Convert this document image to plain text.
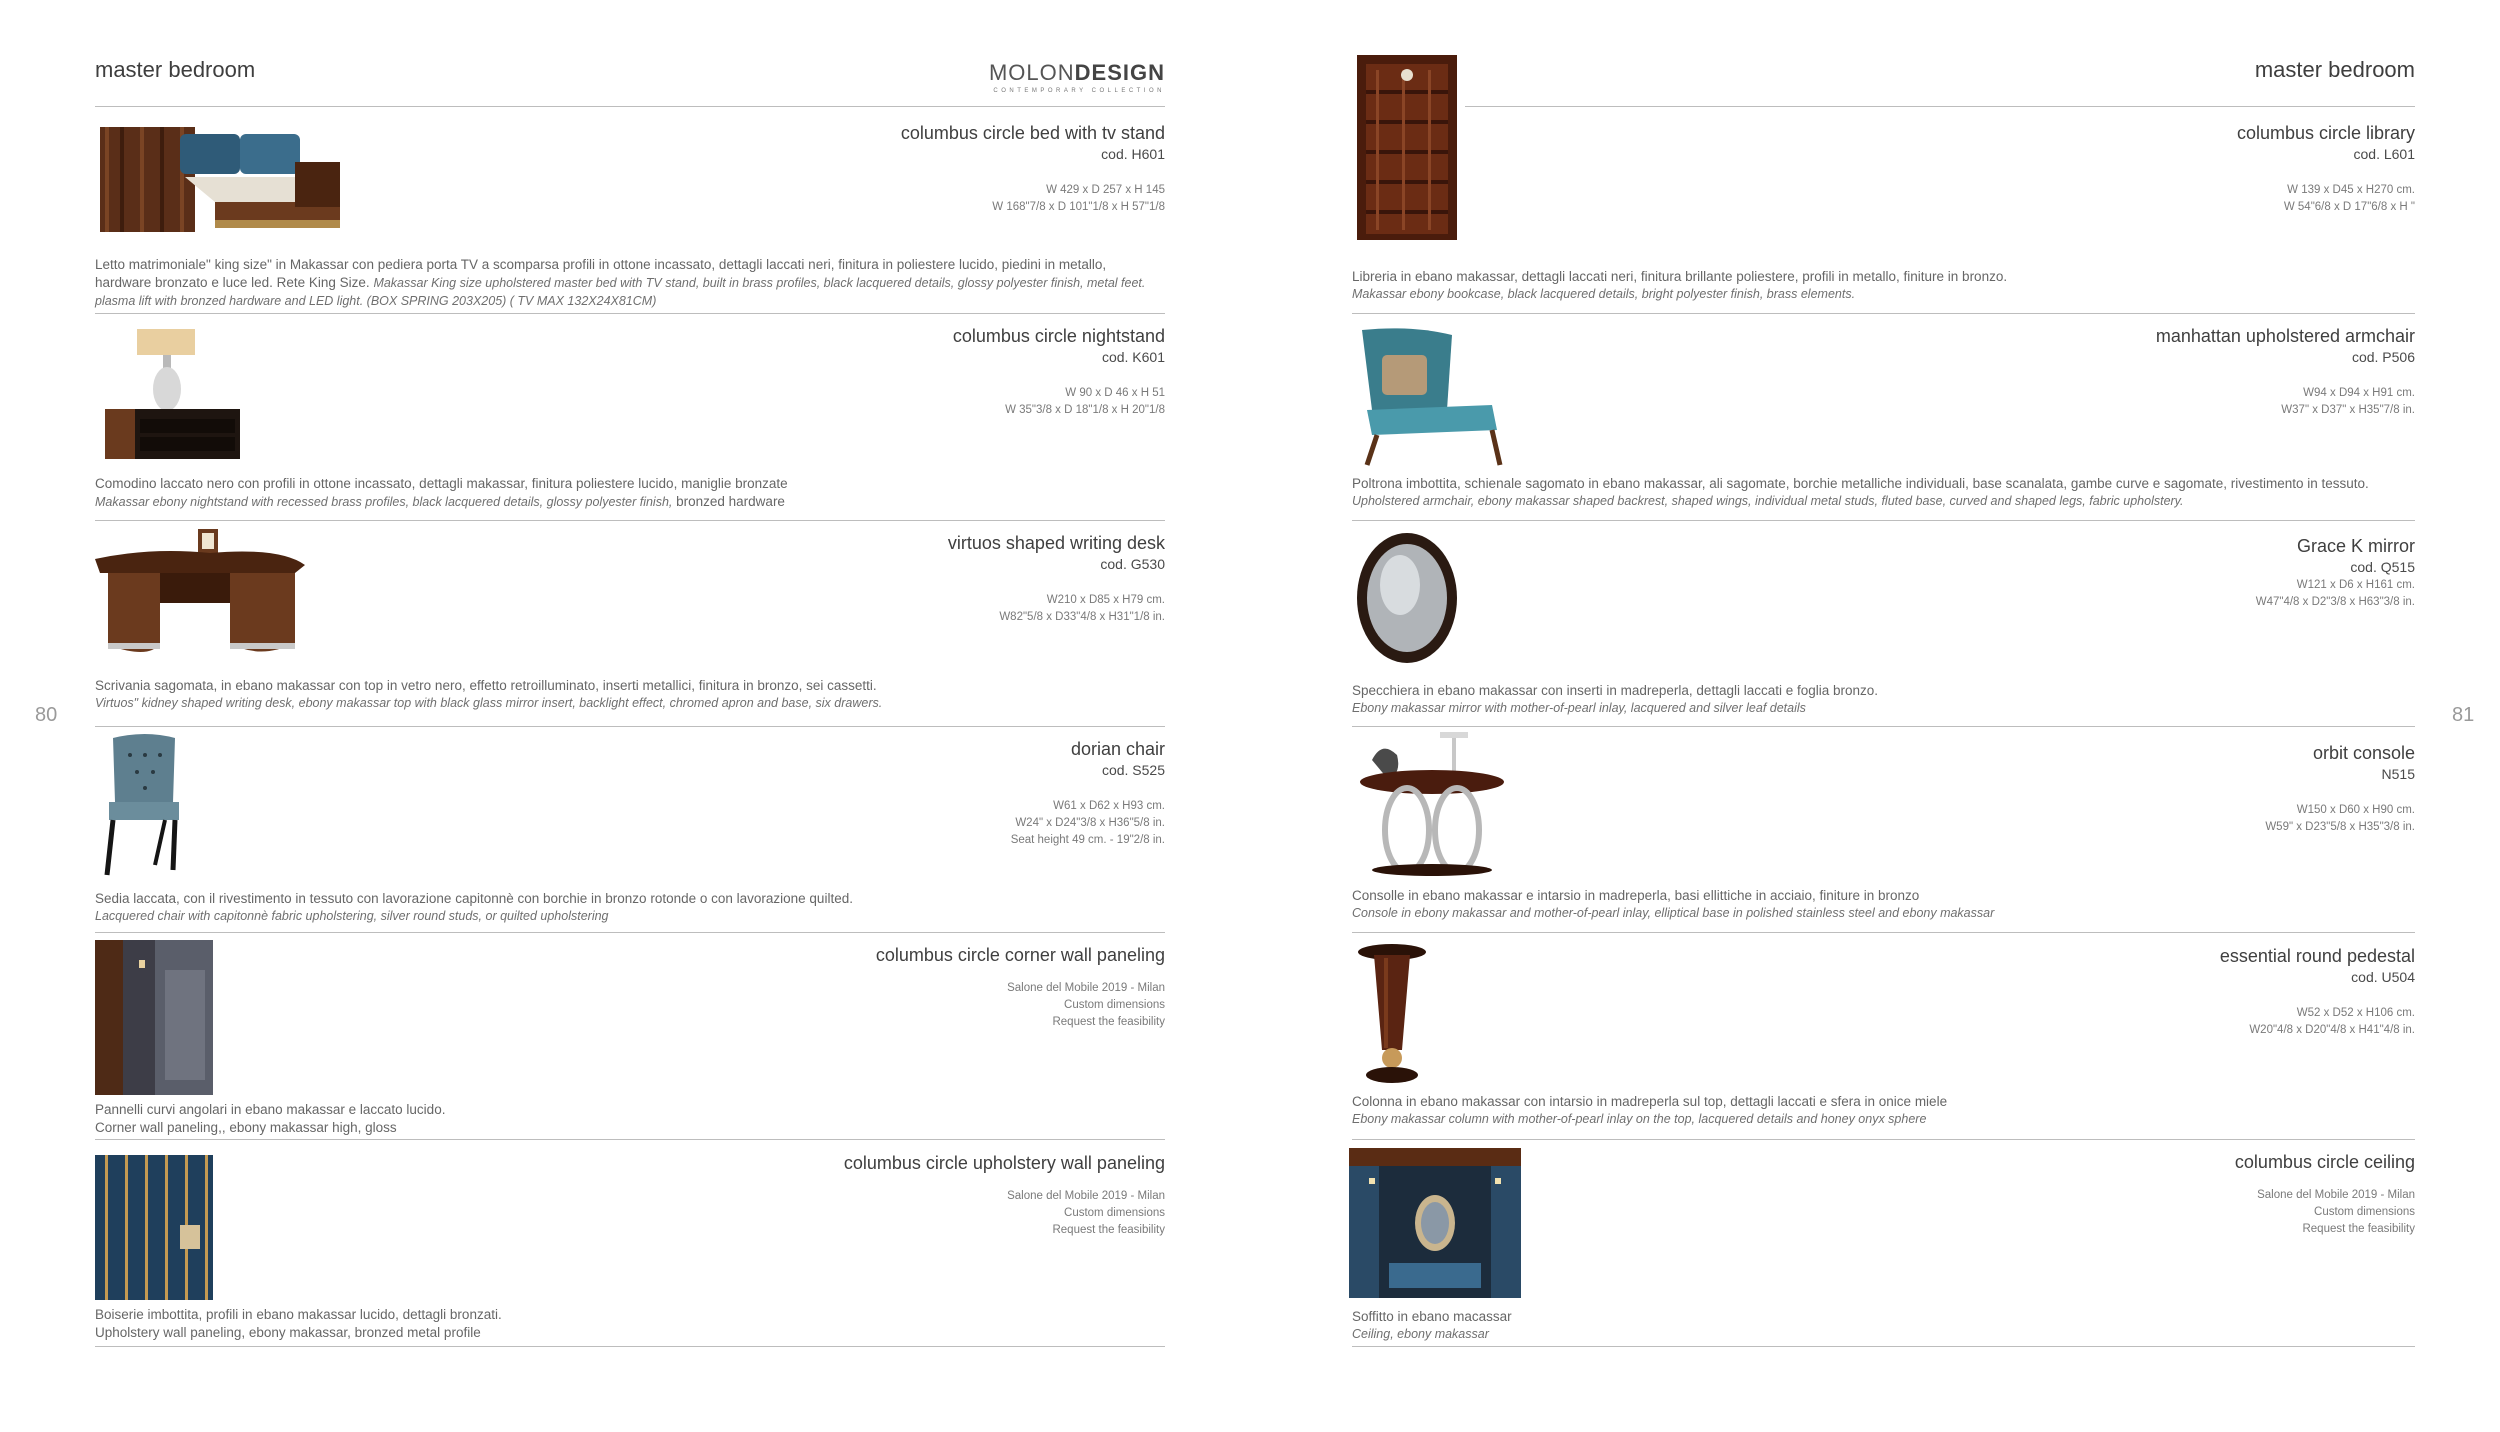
master bedroom	MOLONDESIGN
CONTEMPORARY COLLECTION
80
columbus circle bed with tv stand
cod. H601
W 429 x D 257 x H 145
W 168"7/8 x D 101"1/8 x H 57"1/8
Letto matrimoniale" king size" in Makassar con pediera porta TV a scomparsa profili in ottone incassato, dettagli laccati neri, finitura in poliestere lucido, piedini in metallo, hardware bronzato e luce led. Rete King Size. Makassar King size upholstered master bed with TV stand, built in brass profiles, black lacquered details, glossy polyester finish, metal feet. plasma lift with bronzed hardware and LED light. (BOX SPRING 203X205) ( TV MAX 132X24X81CM)
columbus circle nightstand
cod. K601
W 90 x D 46 x H 51
W 35"3/8 x D 18"1/8 x H 20"1/8
Comodino laccato nero con profili in ottone incassato, dettagli makassar, finitura poliestere lucido, maniglie bronzate
Makassar ebony nightstand with recessed brass profiles, black lacquered details, glossy polyester finish, bronzed hardware
virtuos shaped writing desk
cod. G530
W210 x D85 x H79 cm.
W82"5/8 x D33"4/8 x H31"1/8 in.
Scrivania sagomata, in ebano makassar con top in vetro nero, effetto retroilluminato, inserti metallici, finitura in bronzo, sei cassetti.
Virtuos" kidney shaped writing desk, ebony makassar top with black glass mirror insert, backlight effect, chromed apron and base, six drawers.
dorian chair
cod. S525
W61 x D62 x H93 cm.
W24" x D24"3/8 x H36"5/8 in.
Seat height 49 cm. - 19"2/8 in.
Sedia laccata, con il rivestimento in tessuto con lavorazione capitonnè con borchie in bronzo rotonde o con lavorazione quilted.
Lacquered chair with capitonnè fabric upholstering, silver round studs, or quilted upholstering
columbus circle corner wall paneling
Salone del Mobile 2019 - Milan
Custom dimensions
Request the feasibility
Pannelli curvi angolari in ebano makassar e laccato lucido.
Corner wall paneling,, ebony makassar high, gloss
columbus circle upholstery wall paneling
Salone del Mobile 2019 - Milan
Custom dimensions
Request the feasibility
Boiserie imbottita, profili in ebano makassar lucido, dettagli bronzati.
Upholstery wall paneling, ebony makassar, bronzed metal profile
master bedroom
81
columbus circle library
cod. L601
W 139 x D45 x H270 cm.
W 54"6/8 x D 17"6/8 x H "
Libreria in ebano makassar, dettagli laccati neri, finitura brillante poliestere, profili in metallo, finiture in bronzo.
Makassar ebony bookcase, black lacquered details, bright polyester finish, brass elements.
manhattan upholstered armchair
cod. P506
W94 x D94 x H91 cm.
W37" x D37" x H35"7/8 in.
Poltrona imbottita, schienale sagomato in ebano makassar, ali sagomate, borchie metalliche individuali, base scanalata, gambe curve e sagomate, rivestimento in tessuto.
Upholstered armchair, ebony makassar shaped backrest, shaped wings, individual metal studs, fluted base, curved and shaped legs, fabric upholstery.
Grace K mirror
cod. Q515
W121 x D6 x H161 cm.
W47"4/8 x D2"3/8 x H63"3/8 in.
Specchiera in ebano makassar con inserti in madreperla, dettagli laccati e foglia bronzo.
Ebony makassar mirror with mother-of-pearl inlay, lacquered and silver leaf details
orbit console
N515
W150 x D60 x H90 cm.
W59" x D23"5/8 x H35"3/8 in.
Consolle in ebano makassar e intarsio in madreperla, basi ellittiche in acciaio, finiture in bronzo
Console in ebony makassar and mother-of-pearl inlay, elliptical base in polished stainless steel and ebony makassar
essential round pedestal
cod. U504
W52 x D52 x H106 cm.
W20"4/8 x D20"4/8 x H41"4/8 in.
Colonna in ebano makassar con intarsio in madreperla sul top, dettagli laccati e sfera in onice miele
Ebony makassar column with mother-of-pearl inlay on the top, lacquered details and honey onyx sphere
columbus circle ceiling
Salone del Mobile 2019 - Milan
Custom dimensions
Request the feasibility
Soffitto in ebano macassar
Ceiling, ebony makassar
